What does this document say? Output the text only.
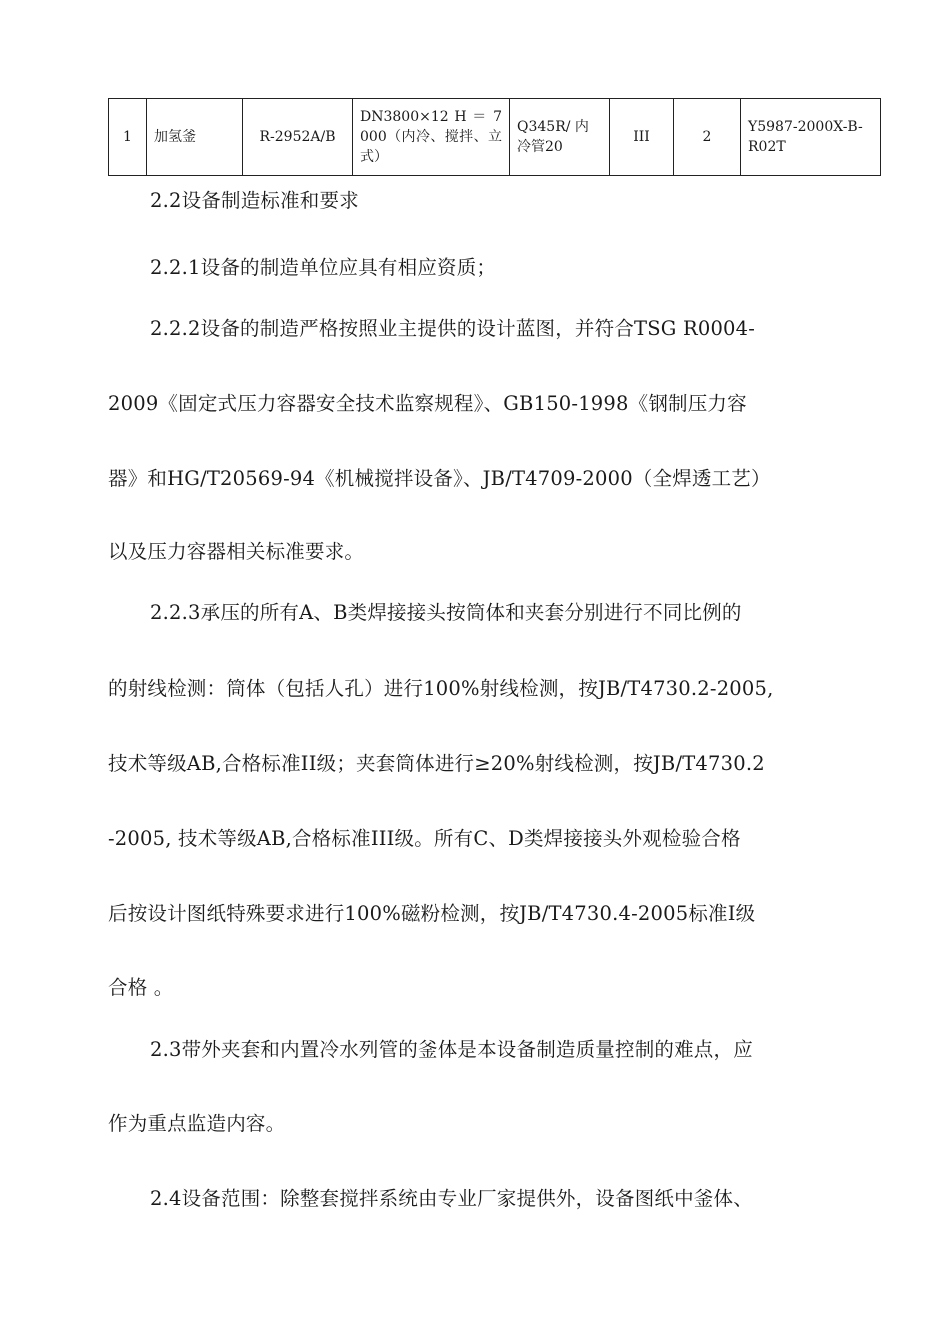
1	加氢釜	R-2952A/B	DN3800×12 H ＝ 7000（内冷、搅拌、立式）	Q345R/ 内冷管20	III	2	Y5987-2000X-B-R02T
2.2设备制造标准和要求
2.2.1设备的制造单位应具有相应资质；
2.2.2设备的制造严格按照业主提供的设计蓝图，并符合TSG R0004-
2009《固定式压力容器安全技术监察规程》、GB150-1998《钢制压力容
器》和HG/T20569-94《机械搅拌设备》、JB/T4709-2000（全焊透工艺）
以及压力容器相关标准要求。
2.2.3承压的所有A、B类焊接接头按筒体和夹套分别进行不同比例的
的射线检测：筒体（包括人孔）进行100%射线检测，按JB/T4730.2-2005,
技术等级AB,合格标准II级；夹套筒体进行≥20%射线检测，按JB/T4730.2
-2005, 技术等级AB,合格标准III级。所有C、D类焊接接头外观检验合格
后按设计图纸特殊要求进行100%磁粉检测，按JB/T4730.4-2005标准I级
合格 。
2.3带外夹套和内置冷水列管的釜体是本设备制造质量控制的难点，应
作为重点监造内容。
2.4设备范围：除整套搅拌系统由专业厂家提供外，设备图纸中釜体、
